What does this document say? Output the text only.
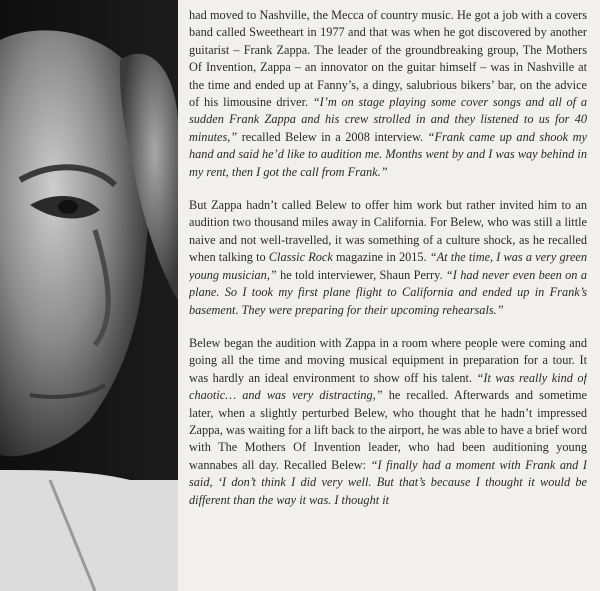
had moved to Nashville, the Mecca of country music. He got a job with a covers band called Sweetheart in 1977 and that was when he got discovered by another guitarist – Frank Zappa. The leader of the groundbreaking group, The Mothers Of Invention, Zappa – an innovator on the guitar himself – was in Nashville at the time and ended up at Fanny’s, a dingy, salubrious bikers’ bar, on the advice of his limousine driver. “I’m on stage playing some cover songs and all of a sudden Frank Zappa and his crew strolled in and they listened to us for 40 minutes,” recalled Belew in a 2008 interview. “Frank came up and shook my hand and said he’d like to audition me. Months went by and I was way behind in my rent, then I got the call from Frank.”

But Zappa hadn’t called Belew to offer him work but rather invited him to an audition two thousand miles away in California. For Belew, who was still a little naive and not well-travelled, it was something of a culture shock, as he recalled when talking to Classic Rock magazine in 2015. “At the time, I was a very green young musician,” he told interviewer, Shaun Perry. “I had never even been on a plane. So I took my first plane flight to California and ended up in Frank’s basement. They were preparing for their upcoming rehearsals.”

Belew began the audition with Zappa in a room where people were coming and going all the time and moving musical equipment in preparation for a tour. It was hardly an ideal environment to show off his talent. “It was really kind of chaotic… and was very distracting,” he recalled. Afterwards and sometime later, when a slightly perturbed Belew, who thought that he hadn’t impressed Zappa, was waiting for a lift back to the airport, he was able to have a brief word with The Mothers Of Invention leader, who had been auditioning young wannabes all day. Recalled Belew: “I finally had a moment with Frank and I said, ‘I don’t think I did very well. But that’s because I thought it would be different than the way it was. I thought it
